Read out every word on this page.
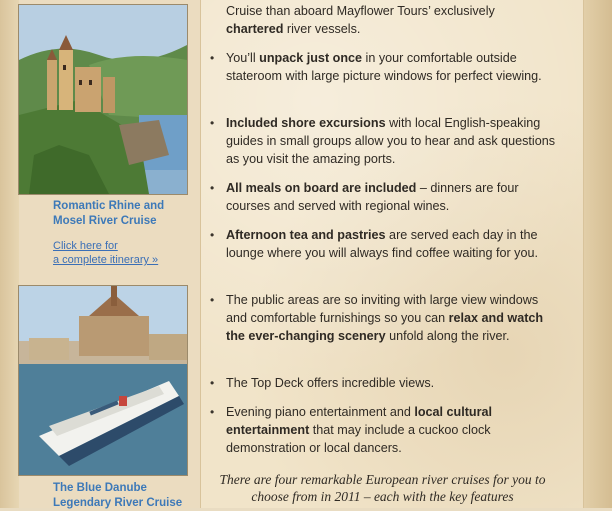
Romantic Rhine and
Mosel River Cruise
Click here for
a complete itinerary »
The Blue Danube
Legendary River Cruise
Cruise than aboard Mayflower Tours’ exclusively
chartered river vessels.
• You’ll unpack just once in your comfortable outside stateroom with large picture windows for perfect viewing.

• Included shore excursions with local English-speaking guides in small groups allow you to hear and ask questions as you visit the amazing ports.

• All meals on board are included – dinners are four courses and served with regional wines.

• Afternoon tea and pastries are served each day in the lounge where you will always find coffee waiting for you.

• The public areas are so inviting with large view windows and comfortable furnishings so you can relax and watch the ever-changing scenery unfold along the river.

• The Top Deck offers incredible views.

• Evening piano entertainment and local cultural entertainment that may include a cuckoo clock demonstration or local dancers.

There are four remarkable European river cruises for you to choose from in 2011 – each with the key features
